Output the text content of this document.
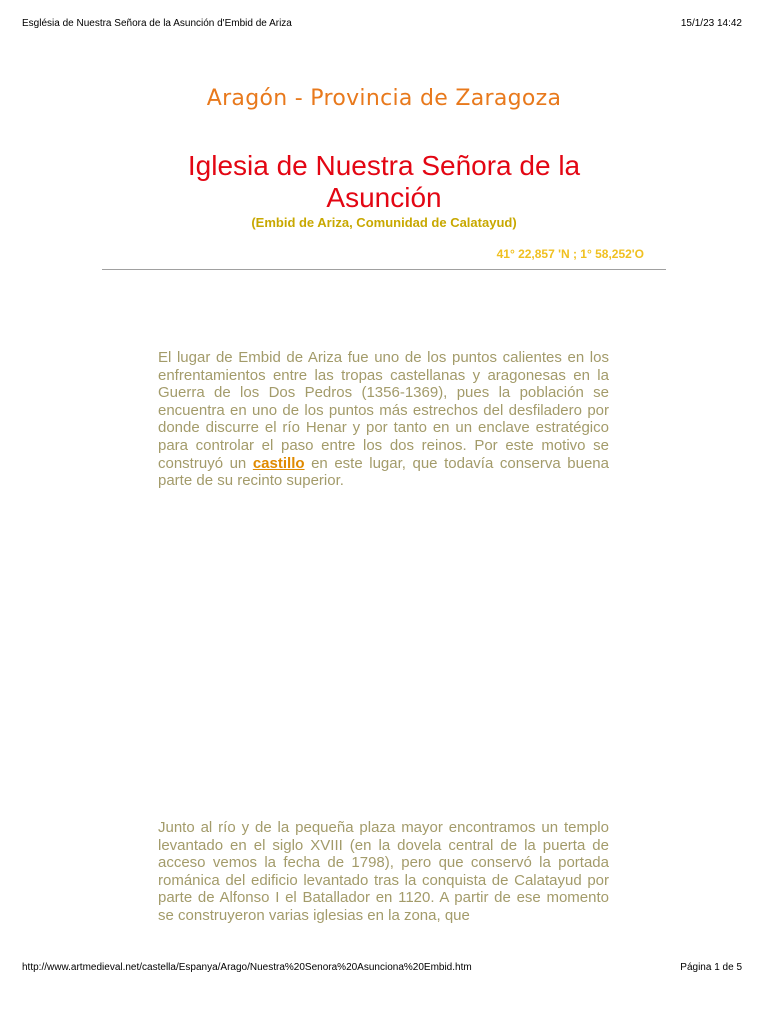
Església de Nuestra Señora de la Asunción d'Embid de Ariza	15/1/23 14:42
Aragón - Provincia de Zaragoza
Iglesia de Nuestra Señora de la Asunción
(Embid de Ariza, Comunidad de Calatayud)
41° 22,857 'N ; 1° 58,252'O
El lugar de Embid de Ariza fue uno de los puntos calientes en los enfrentamientos entre las tropas castellanas y aragonesas en la Guerra de los Dos Pedros (1356-1369), pues la población se encuentra en uno de los puntos más estrechos del desfiladero por donde discurre el río Henar y por tanto en un enclave estratégico para controlar el paso entre los dos reinos. Por este motivo se construyó un castillo en este lugar, que todavía conserva buena parte de su recinto superior.
Art Medieval
(C) 2016
Junto al río y de la pequeña plaza mayor encontramos un templo levantado en el siglo XVIII (en la dovela central de la puerta de acceso vemos la fecha de 1798), pero que conservó la portada románica del edificio levantado tras la conquista de Calatayud por parte de Alfonso I el Batallador en 1120. A partir de ese momento se construyeron varias iglesias en la zona, que
http://www.artmedieval.net/castella/Espanya/Arago/Nuestra%20Senora%20Asunciona%20Embid.htm	Página 1 de 5
